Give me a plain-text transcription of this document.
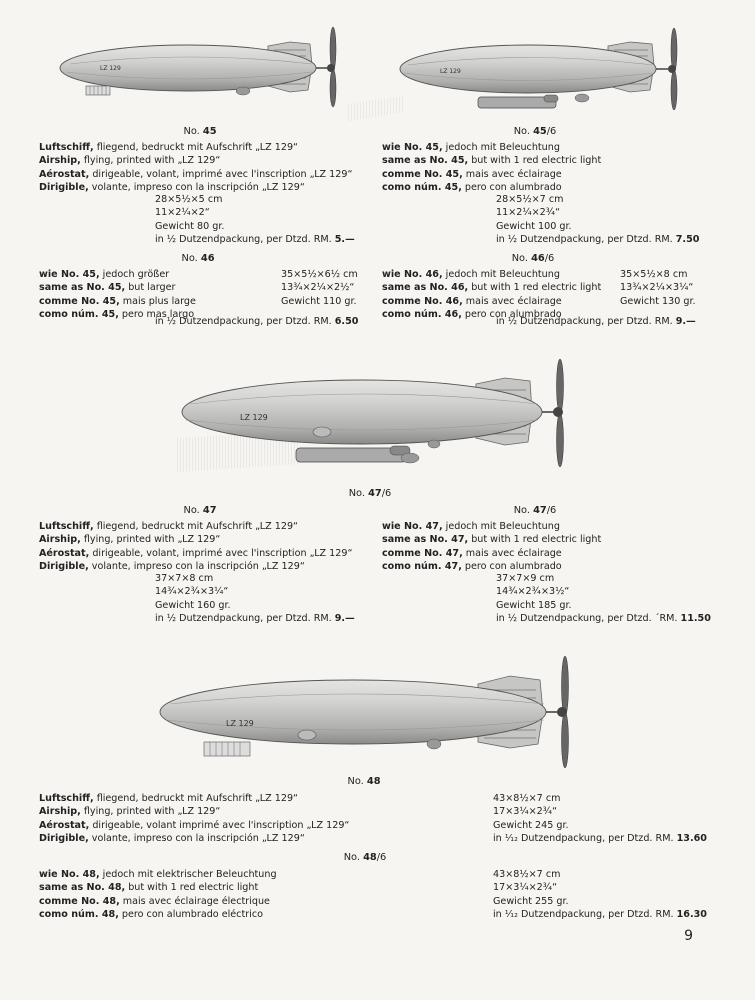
LZ 129	LZ 129
LZ 129
LZ 129
No. 45	No. 45/6
Luftschiff, fliegend, bedruckt mit Aufschrift „LZ 129“
Airship, flying, printed with „LZ 129“
Aérostat, dirigeable, volant, imprimé avec l'inscription „LZ 129“
Dirigible, volante, impreso con la inscripción „LZ 129“
28×5½×5 cm
11×2¼×2“
Gewicht 80 gr.
in ½ Dutzendpackung, per Dtzd. RM. 5.—
wie No. 45, jedoch mit Beleuchtung
same as No. 45, but with 1 red electric light
comme No. 45, mais avec éclairage
como núm. 45, pero con alumbrado
28×5½×7 cm
11×2¼×2¾“
Gewicht 100 gr.
in ½ Dutzendpackung, per Dtzd. RM. 7.50
No. 46	No. 46/6
wie No. 45, jedoch größer
same as No. 45, but larger
comme No. 45, mais plus large
como núm. 45, pero mas largo
35×5½×6½ cm
13¾×2¼×2½“
Gewicht 110 gr.
in ½ Dutzendpackung, per Dtzd. RM. 6.50
wie No. 46, jedoch mit Beleuchtung
same as No. 46, but with 1 red electric light
comme No. 46, mais avec éclairage
como núm. 46, pero con alumbrado
35×5½×8 cm
13¾×2¼×3¼“
Gewicht 130 gr.
in ½ Dutzendpackung, per Dtzd. RM. 9.—
No. 47/6
No. 47	No. 47/6
Luftschiff, fliegend, bedruckt mit Aufschrift „LZ 129“
Airship, flying, printed with „LZ 129“
Aérostat, dirigeable, volant, imprimé avec l'inscription „LZ 129“
Dirigible, volante, impreso con la inscripción „LZ 129“
37×7×8 cm
14¾×2¾×3¼“
Gewicht 160 gr.
in ½ Dutzendpackung, per Dtzd. RM. 9.—
wie No. 47, jedoch mit Beleuchtung
same as No. 47, but with 1 red electric light
comme No. 47, mais avec éclairage
como núm. 47, pero con alumbrado
37×7×9 cm
14¾×2¾×3½“
Gewicht 185 gr.
in ½ Dutzendpackung, per Dtzd. ´RM. 11.50
No. 48
Luftschiff, fliegend, bedruckt mit Aufschrift „LZ 129“
Airship, flying, printed with „LZ 129“
Aérostat, dirigeable, volant imprimé avec l'inscription „LZ 129“
Dirigible, volante, impreso con la inscripción „LZ 129“
43×8½×7 cm
17×3¼×2¾“
Gewicht 245 gr.
in ¹⁄₁₂ Dutzendpackung, per Dtzd. RM. 13.60
No. 48/6
wie No. 48, jedoch mit elektrischer Beleuchtung
same as No. 48, but with 1 red electric light
comme No. 48, mais avec éclairage électrique
como núm. 48, pero con alumbrado eléctrico
43×8½×7 cm
17×3¼×2¾“
Gewicht 255 gr.
in ¹⁄₁₂ Dutzendpackung, per Dtzd. RM. 16.30
9
